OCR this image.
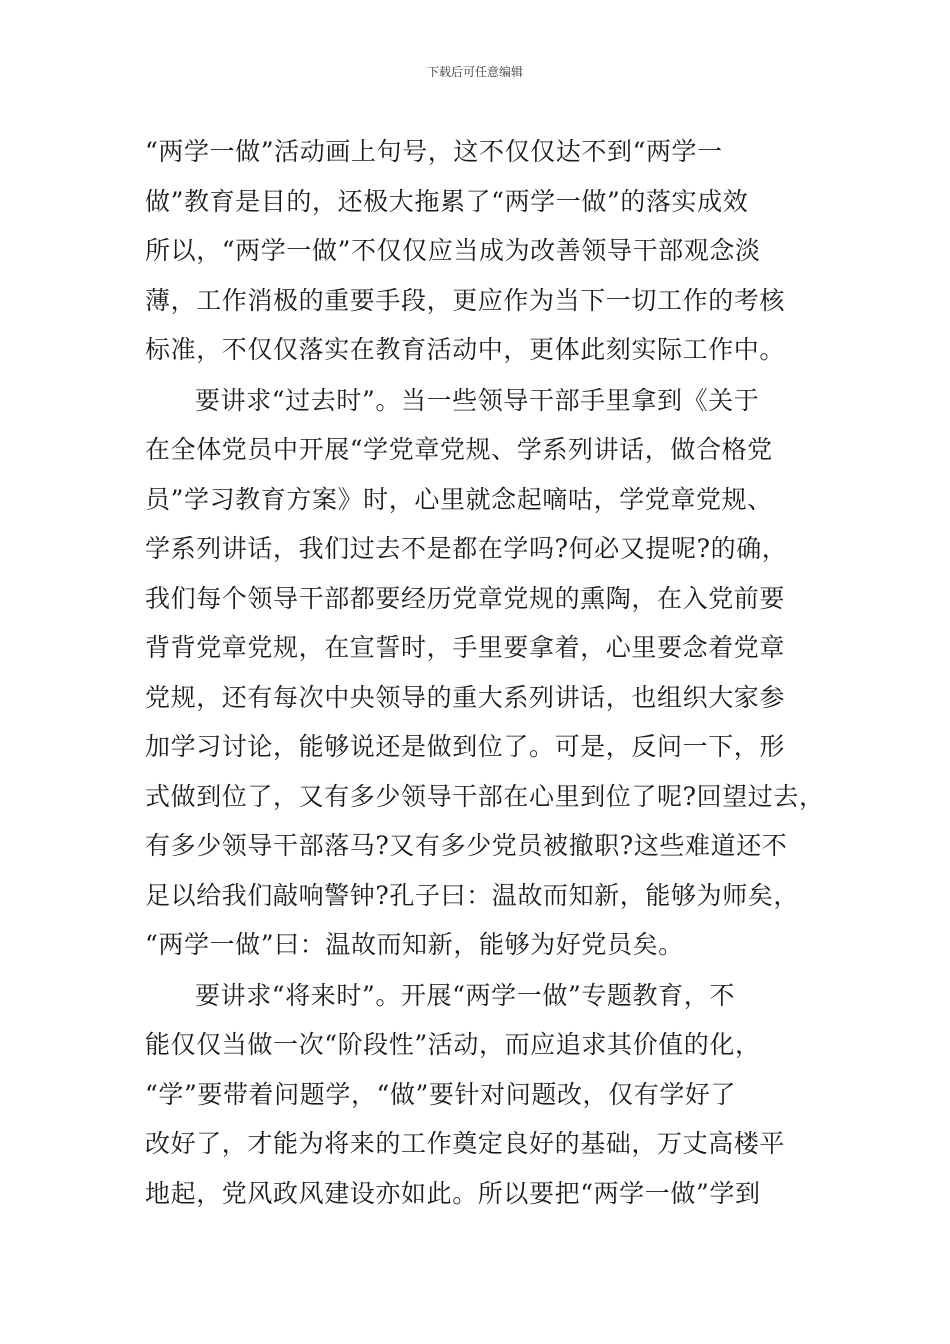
下载后可任意编辑
“两学一做”活动画上句号，这不仅仅达不到“两学一
做”教育是目的，还极大拖累了“两学一做”的落实成效
所以，“两学一做”不仅仅应当成为改善领导干部观念淡
薄，工作消极的重要手段，更应作为当下一切工作的考核
标准，不仅仅落实在教育活动中，更体此刻实际工作中。
要讲求“过去时”。当一些领导干部手里拿到《关于
在全体党员中开展“学党章党规、学系列讲话，做合格党
员”学习教育方案》时，心里就念起嘀咕，学党章党规、
学系列讲话，我们过去不是都在学吗?何必又提呢?的确，
我们每个领导干部都要经历党章党规的熏陶，在入党前要
背背党章党规，在宣誓时，手里要拿着，心里要念着党章
党规，还有每次中央领导的重大系列讲话，也组织大家参
加学习讨论，能够说还是做到位了。可是，反问一下，形
式做到位了，又有多少领导干部在心里到位了呢?回望过去，
有多少领导干部落马?又有多少党员被撤职?这些难道还不
足以给我们敲响警钟?孔子曰：温故而知新，能够为师矣，
“两学一做”曰：温故而知新，能够为好党员矣。
要讲求“将来时”。开展“两学一做”专题教育，不
能仅仅当做一次“阶段性”活动，而应追求其价值的化，
“学”要带着问题学，“做”要针对问题改，仅有学好了
改好了，才能为将来的工作奠定良好的基础，万丈高楼平
地起，党风政风建设亦如此。所以要把“两学一做”学到
